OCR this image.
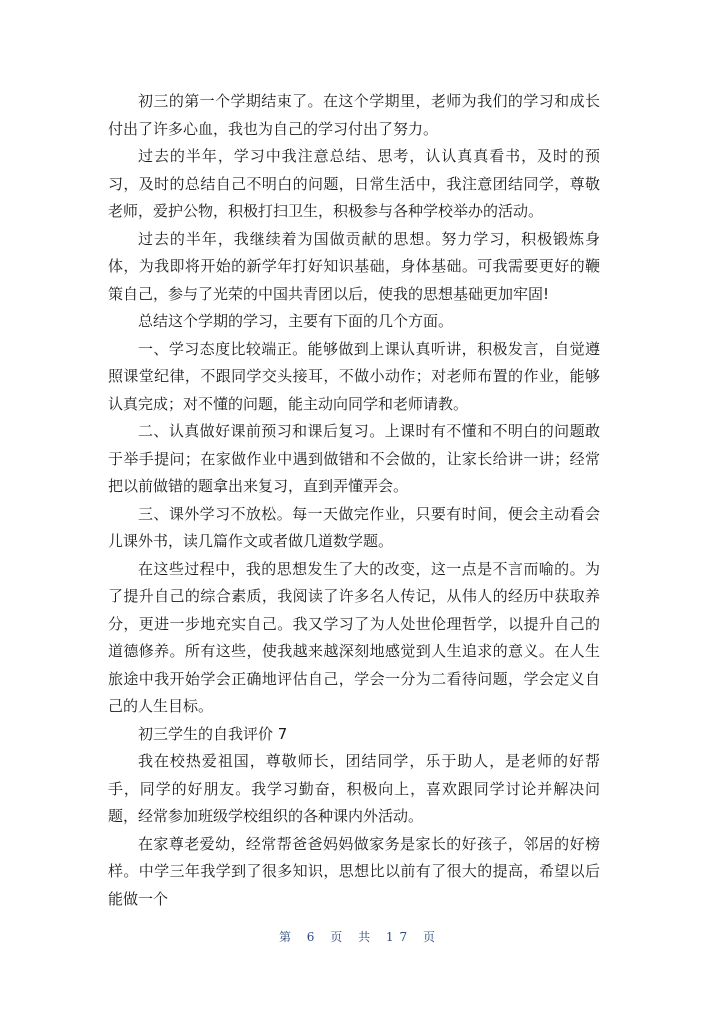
初三的第一个学期结束了。在这个学期里，老师为我们的学习和成长付出了许多心血，我也为自己的学习付出了努力。

过去的半年，学习中我注意总结、思考，认认真真看书，及时的预习，及时的总结自己不明白的问题，日常生活中，我注意团结同学，尊敬老师，爱护公物，积极打扫卫生，积极参与各种学校举办的活动。

过去的半年，我继续着为国做贡献的思想。努力学习，积极锻炼身体，为我即将开始的新学年打好知识基础，身体基础。可我需要更好的鞭策自己，参与了光荣的中国共青团以后，使我的思想基础更加牢固!

总结这个学期的学习，主要有下面的几个方面。

一、学习态度比较端正。能够做到上课认真听讲，积极发言，自觉遵照课堂纪律，不跟同学交头接耳，不做小动作；对老师布置的作业，能够认真完成；对不懂的问题，能主动向同学和老师请教。

二、认真做好课前预习和课后复习。上课时有不懂和不明白的问题敢于举手提问；在家做作业中遇到做错和不会做的，让家长给讲一讲；经常把以前做错的题拿出来复习，直到弄懂弄会。

三、课外学习不放松。每一天做完作业，只要有时间，便会主动看会儿课外书，读几篇作文或者做几道数学题。

在这些过程中，我的思想发生了大的改变，这一点是不言而喻的。为了提升自己的综合素质，我阅读了许多名人传记，从伟人的经历中获取养分，更进一步地充实自己。我又学习了为人处世伦理哲学，以提升自己的道德修养。所有这些，使我越来越深刻地感觉到人生追求的意义。在人生旅途中我开始学会正确地评估自己，学会一分为二看待问题，学会定义自己的人生目标。

初三学生的自我评价 7

我在校热爱祖国，尊敬师长，团结同学，乐于助人，是老师的好帮手，同学的好朋友。我学习勤奋，积极向上，喜欢跟同学讨论并解决问题，经常参加班级学校组织的各种课内外活动。

在家尊老爱幼，经常帮爸爸妈妈做家务是家长的好孩子，邻居的好榜样。中学三年我学到了很多知识，思想比以前有了很大的提高，希望以后能做一个

第 6 页 共 17 页
